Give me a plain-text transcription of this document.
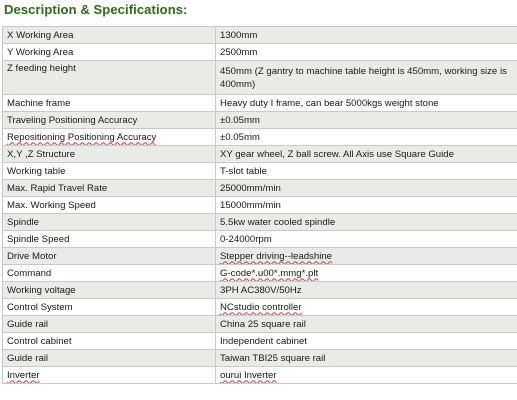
Description & Specifications:
X Working Area	1300mm
Y Working Area	2500mm
Z feeding height	450mm (Z gantry to machine table height is 450mm, working size is 400mm)
Machine frame	Heavy duty I frame, can bear 5000kgs weight stone
Traveling Positioning Accuracy	±0.05mm
Repositioning Positioning Accuracy	±0.05mm
X,Y ,Z Structure	XY gear wheel, Z ball screw. All Axis use Square Guide
Working table	T-slot table
Max. Rapid Travel Rate	25000mm/min
Max. Working Speed	15000mm/min
Spindle	5.5kw water cooled spindle
Spindle Speed	0-24000rpm
Drive Motor	Stepper driving--leadshine
Command	G-code*.u00*.mmg*.plt
Working voltage	3PH AC380V/50Hz
Control System	NCstudio controller
Guide rail	China 25 square rail
Control cabinet	Independent cabinet
Guide rail	Taiwan TBI25 square rail
Inverter	ourui Inverter
